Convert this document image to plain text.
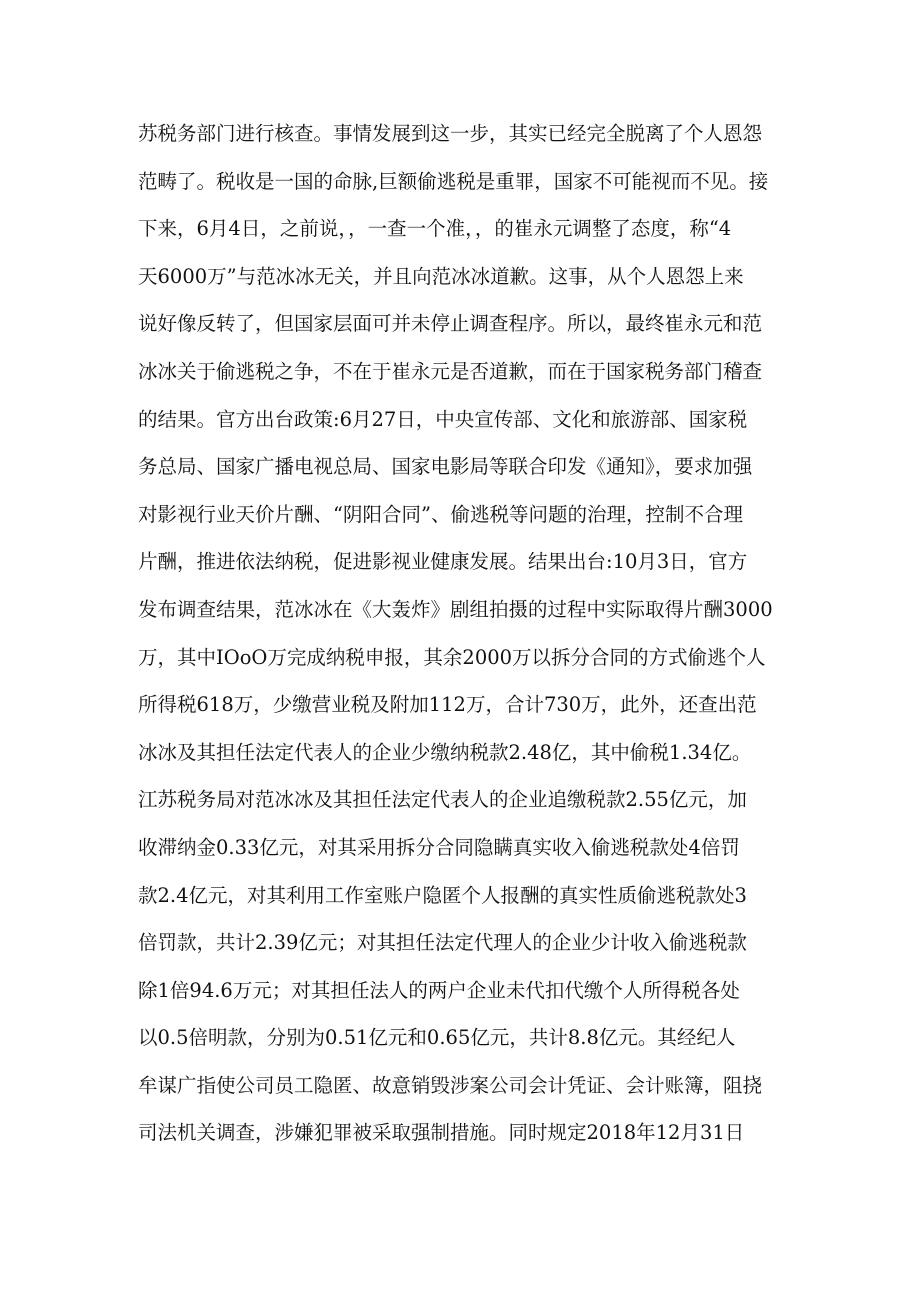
苏税务部门进行核查。事情发展到这一步，其实已经完全脱离了个人恩怨
范畴了。税收是一国的命脉,巨额偷逃税是重罪，国家不可能视而不见。接
下来，6月4日，之前说，，一查一个准，，的崔永元调整了态度，称“4
天6000万”与范冰冰无关，并且向范冰冰道歉。这事，从个人恩怨上来
说好像反转了，但国家层面可并未停止调查程序。所以，最终崔永元和范
冰冰关于偷逃税之争，不在于崔永元是否道歉，而在于国家税务部门稽查
的结果。官方出台政策:6月27日，中央宣传部、文化和旅游部、国家税
务总局、国家广播电视总局、国家电影局等联合印发《通知》，要求加强
对影视行业天价片酬、“阴阳合同”、偷逃税等问题的治理，控制不合理
片酬，推进依法纳税，促进影视业健康发展。结果出台:10月3日，官方
发布调查结果，范冰冰在《大轰炸》剧组拍摄的过程中实际取得片酬3000
万，其中IOoO万完成纳税申报，其余2000万以拆分合同的方式偷逃个人
所得税618万，少缴营业税及附加112万，合计730万，此外，还查出范
冰冰及其担任法定代表人的企业少缴纳税款2.48亿，其中偷税1.34亿。
江苏税务局对范冰冰及其担任法定代表人的企业追缴税款2.55亿元，加
收滞纳金0.33亿元，对其采用拆分合同隐瞒真实收入偷逃税款处4倍罚
款2.4亿元，对其利用工作室账户隐匿个人报酬的真实性质偷逃税款处3
倍罚款，共计2.39亿元；对其担任法定代理人的企业少计收入偷逃税款
除1倍94.6万元；对其担任法人的两户企业未代扣代缴个人所得税各处
以0.5倍明款，分别为0.51亿元和0.65亿元，共计8.8亿元。其经纪人
牟谋广指使公司员工隐匿、故意销毁涉案公司会计凭证、会计账簿，阻挠
司法机关调查，涉嫌犯罪被采取强制措施。同时规定2018年12月31日
